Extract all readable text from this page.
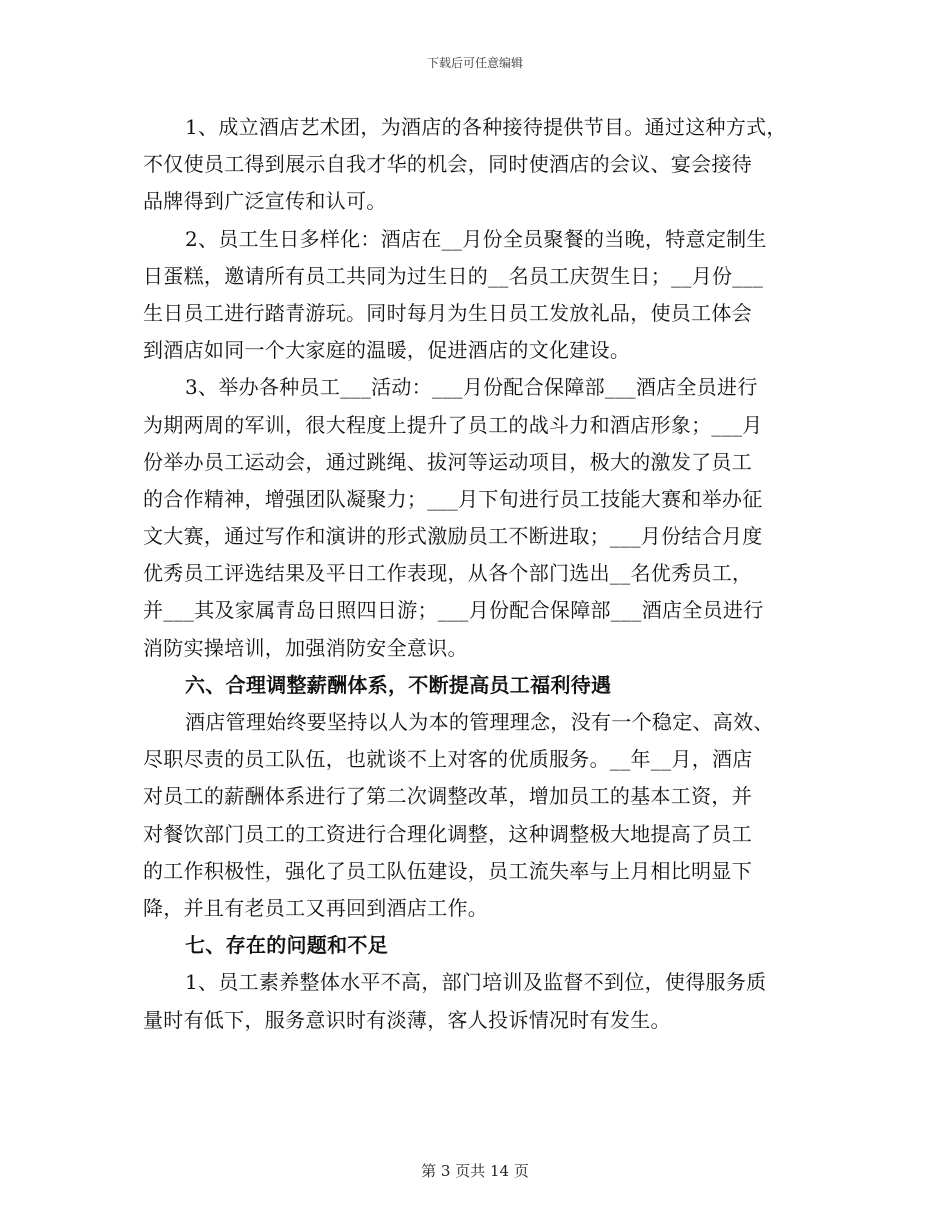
下载后可任意编辑
1、成立酒店艺术团，为酒店的各种接待提供节目。通过这种方式，
不仅使员工得到展示自我才华的机会，同时使酒店的会议、宴会接待
品牌得到广泛宣传和认可。
2、员工生日多样化：酒店在__月份全员聚餐的当晚，特意定制生
日蛋糕，邀请所有员工共同为过生日的__名员工庆贺生日；__月份___
生日员工进行踏青游玩。同时每月为生日员工发放礼品，使员工体会
到酒店如同一个大家庭的温暖，促进酒店的文化建设。
3、举办各种员工___活动：___月份配合保障部___酒店全员进行
为期两周的军训，很大程度上提升了员工的战斗力和酒店形象；___月
份举办员工运动会，通过跳绳、拔河等运动项目，极大的激发了员工
的合作精神，增强团队凝聚力；___月下旬进行员工技能大赛和举办征
文大赛，通过写作和演讲的形式激励员工不断进取；___月份结合月度
优秀员工评选结果及平日工作表现，从各个部门选出__名优秀员工，
并___其及家属青岛日照四日游；___月份配合保障部___酒店全员进行
消防实操培训，加强消防安全意识。
六、合理调整薪酬体系，不断提高员工福利待遇
酒店管理始终要坚持以人为本的管理理念，没有一个稳定、高效、
尽职尽责的员工队伍，也就谈不上对客的优质服务。__年__月，酒店
对员工的薪酬体系进行了第二次调整改革，增加员工的基本工资，并
对餐饮部门员工的工资进行合理化调整，这种调整极大地提高了员工
的工作积极性，强化了员工队伍建设，员工流失率与上月相比明显下
降，并且有老员工又再回到酒店工作。
七、存在的问题和不足
1、员工素养整体水平不高，部门培训及监督不到位，使得服务质
量时有低下，服务意识时有淡薄，客人投诉情况时有发生。
第 3 页共 14 页
